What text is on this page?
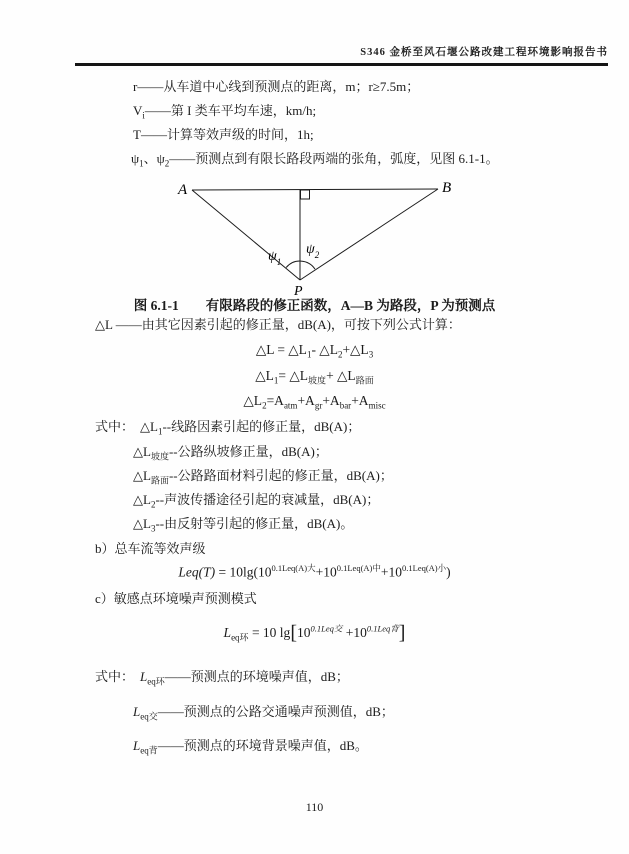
S346 金桥至风石堰公路改建工程环境影响报告书
r——从车道中心线到预测点的距离，m；r≥7.5m；
$V_i——$第 I 类车平均车速，km/h;
T——计算等效声级的时间，1h;
$\psi_1$、$\psi_2——$预测点到有限长路段两端的张角，弧度，见图 6.1-1。
A	B
P
$\psi_1$
$\psi_2$
图 6.1-1　　有限路段的修正函数，A—B 为路段，P 为预测点
△L ——由其它因素引起的修正量，dB(A)，可按下列公式计算：
△L = $\triangle L_1-$ $\triangle L_2+\triangle L_3$
$\triangle L_1=$ $\triangle L_{坡度}+$ $\triangle L_{路面}$
$\triangle L_2=A_{atm}+A_{gr}+A_{bar}+A_{misc}$
式中： $\triangle L_1--$线路因素引起的修正量，dB(A)；
$\triangle L_{坡度}--$公路纵坡修正量，dB(A)；
$\triangle L_{路面}--$公路路面材料引起的修正量，dB(A)；
$\triangle L_2--$声波传播途径引起的衰减量，dB(A)；
$\triangle L_3--$由反射等引起的修正量，dB(A)。
b）总车流等效声级
$Leq(T) = 10\lg(10^{0.1Leq(A)大}+10^{0.1Leq(A)中}+10^{0.1Leq(A)小})$
c）敏感点环境噪声预测模式
$L_{eq环} = 10$ $\lg[10^{0.1Leq交} +10^{0.1Leq背}]$
式中： $L_{eq环}——$预测点的环境噪声值，dB；
$L_{eq交}——$预测点的公路交通噪声预测值，dB；
$L_{eq背}——$预测点的环境背景噪声值，dB。
110
